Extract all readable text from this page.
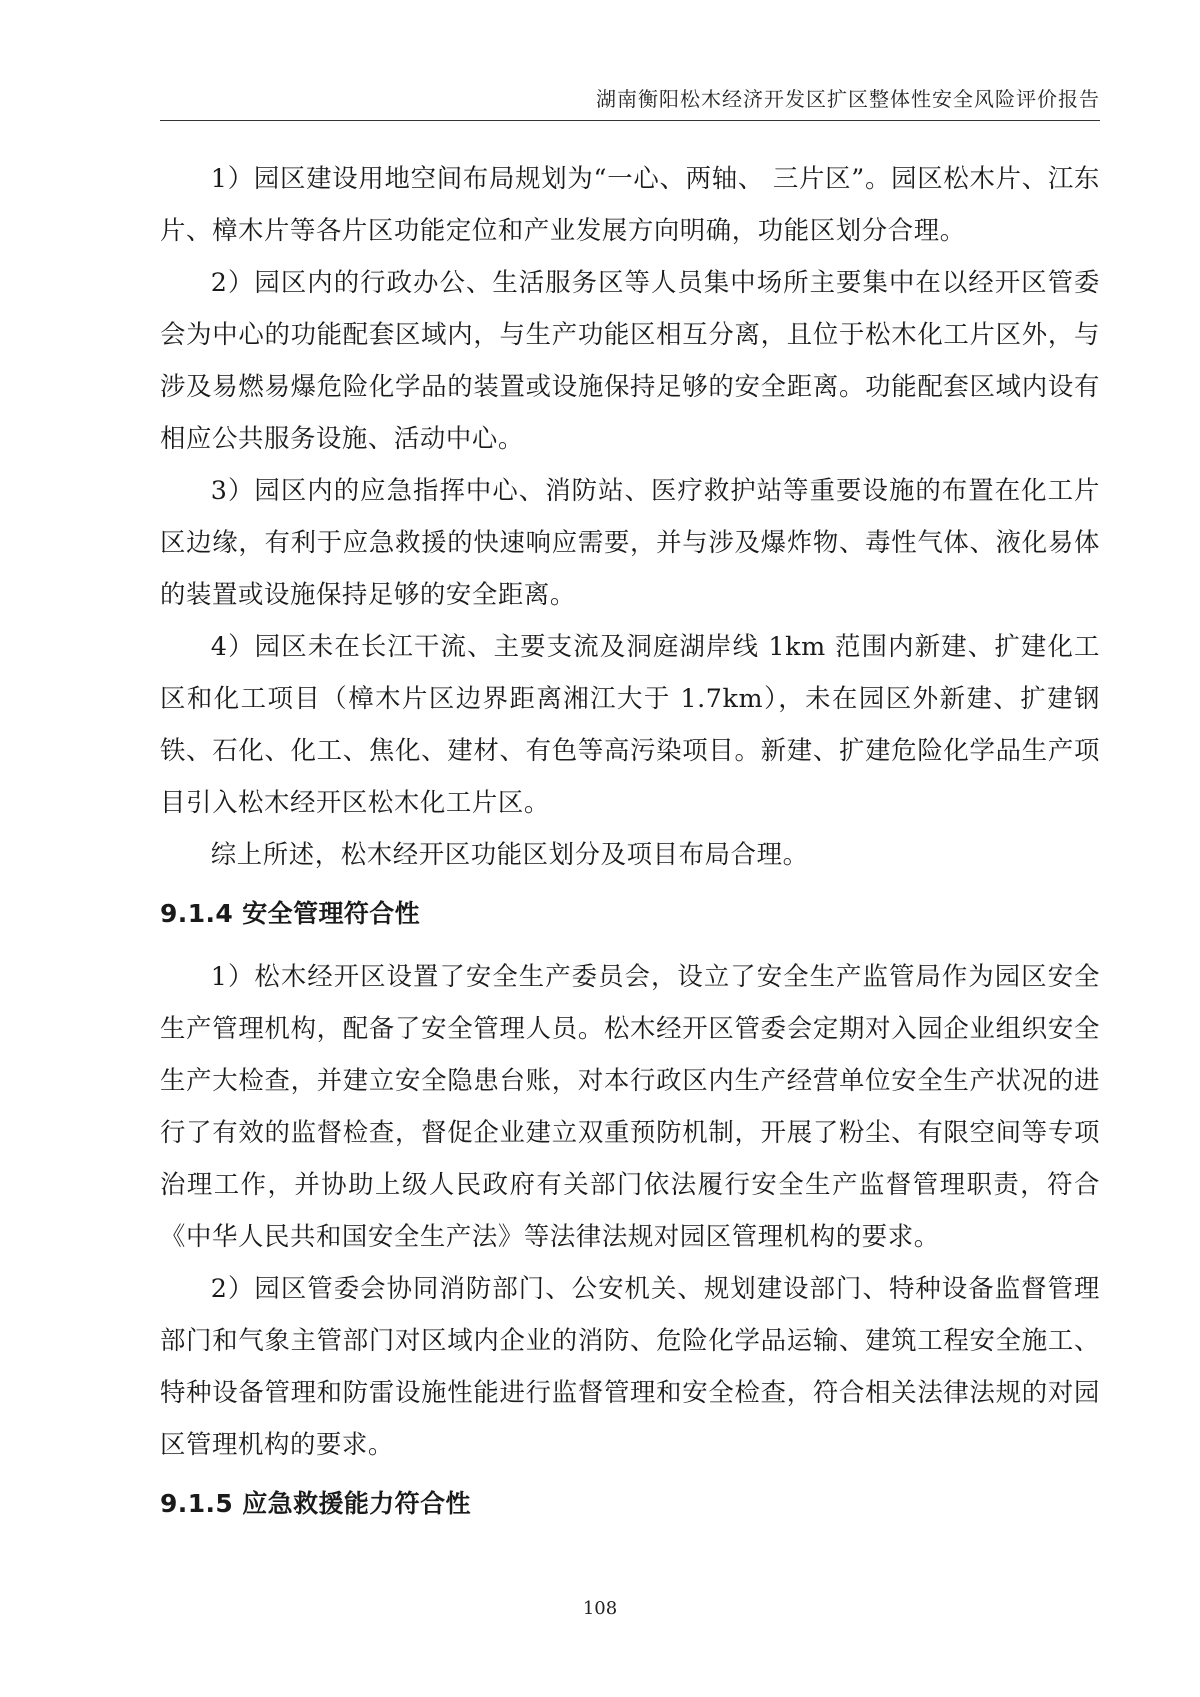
湖南衡阳松木经济开发区扩区整体性安全风险评价报告

1）园区建设用地空间布局规划为“一心、两轴、 三片区”。园区松木片、江东片、樟木片等各片区功能定位和产业发展方向明确，功能区划分合理。

2）园区内的行政办公、生活服务区等人员集中场所主要集中在以经开区管委会为中心的功能配套区域内，与生产功能区相互分离，且位于松木化工片区外，与涉及易燃易爆危险化学品的装置或设施保持足够的安全距离。功能配套区域内设有相应公共服务设施、活动中心。

3）园区内的应急指挥中心、消防站、医疗救护站等重要设施的布置在化工片区边缘，有利于应急救援的快速响应需要，并与涉及爆炸物、毒性气体、液化易体的装置或设施保持足够的安全距离。

4）园区未在长江干流、主要支流及洞庭湖岸线 1km 范围内新建、扩建化工区和化工项目（樟木片区边界距离湘江大于 1.7km），未在园区外新建、扩建钢铁、石化、化工、焦化、建材、有色等高污染项目。新建、扩建危险化学品生产项目引入松木经开区松木化工片区。

综上所述，松木经开区功能区划分及项目布局合理。

9.1.4 安全管理符合性

1）松木经开区设置了安全生产委员会，设立了安全生产监管局作为园区安全生产管理机构，配备了安全管理人员。松木经开区管委会定期对入园企业组织安全生产大检查，并建立安全隐患台账，对本行政区内生产经营单位安全生产状况的进行了有效的监督检查，督促企业建立双重预防机制，开展了粉尘、有限空间等专项治理工作，并协助上级人民政府有关部门依法履行安全生产监督管理职责，符合《中华人民共和国安全生产法》等法律法规对园区管理机构的要求。

2）园区管委会协同消防部门、公安机关、规划建设部门、特种设备监督管理部门和气象主管部门对区域内企业的消防、危险化学品运输、建筑工程安全施工、特种设备管理和防雷设施性能进行监督管理和安全检查，符合相关法律法规的对园区管理机构的要求。

9.1.5 应急救援能力符合性
108
